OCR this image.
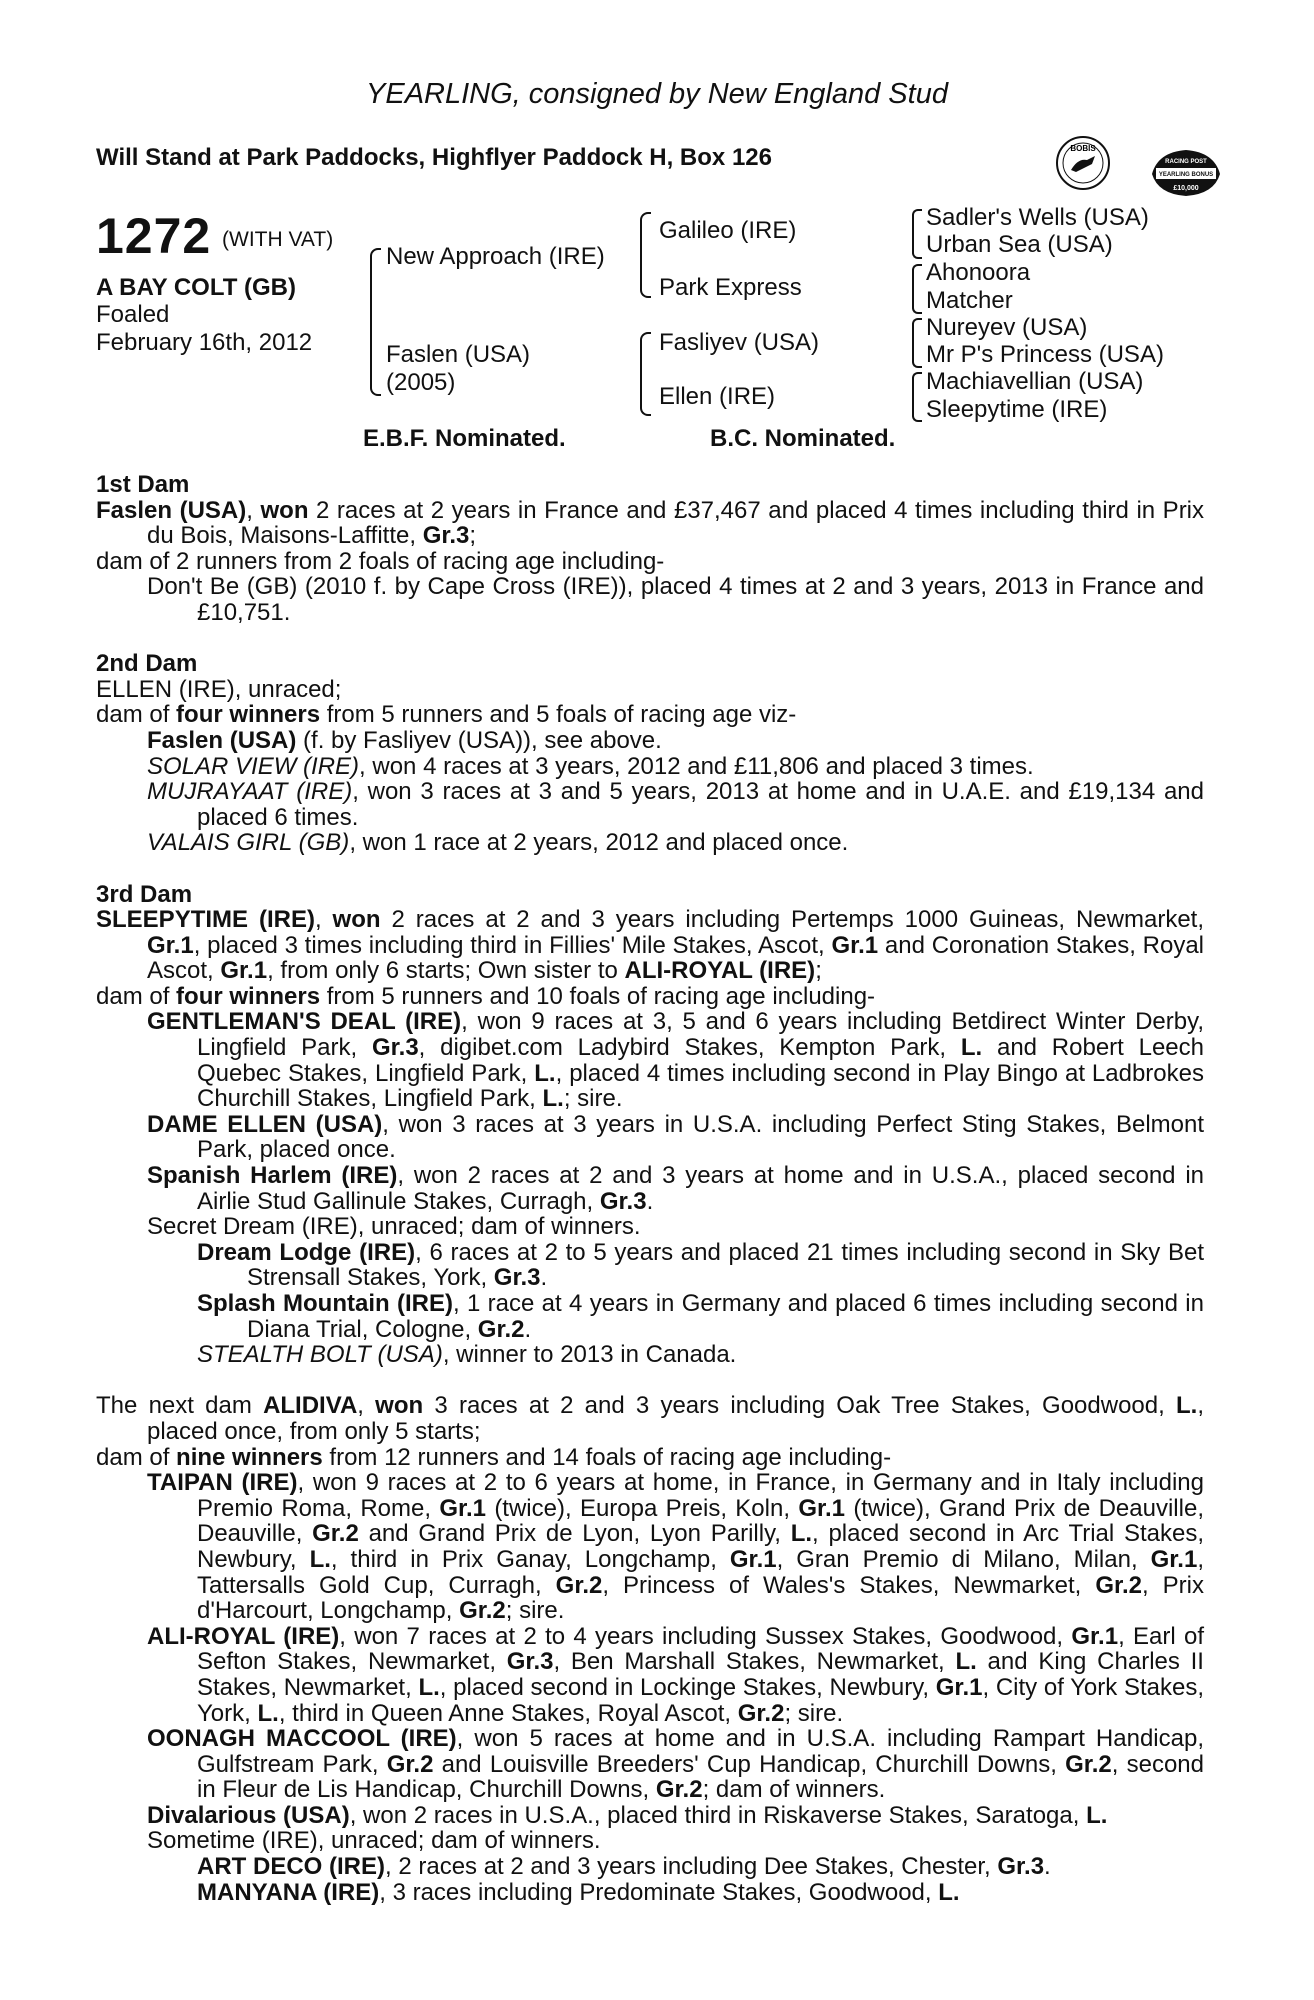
YEARLING, consigned by New England Stud
Will Stand at Park Paddocks, Highflyer Paddock H, Box 126	BOBIS
RACING POST
YEARLING BONUS
£10,000
1272 (WITH VAT)
A BAY COLT (GB)
Foaled
February 16th, 2012
New Approach (IRE)
Faslen (USA)
(2005)
Galileo (IRE)
Park Express
Fasliyev (USA)
Ellen (IRE)
Sadler's Wells (USA)
Urban Sea (USA)
Ahonoora
Matcher
Nureyev (USA)
Mr P's Princess (USA)
Machiavellian (USA)
Sleepytime (IRE)
E.B.F. Nominated.	B.C. Nominated.
1st Dam
Faslen (USA), won 2 races at 2 years in France and £37,467 and placed 4 times including third in Prix du Bois, Maisons-Laffitte, Gr.3;
dam of 2 runners from 2 foals of racing age including-
Don't Be (GB) (2010 f. by Cape Cross (IRE)), placed 4 times at 2 and 3 years, 2013 in France and £10,751.
2nd Dam
ELLEN (IRE), unraced;
dam of four winners from 5 runners and 5 foals of racing age viz-
Faslen (USA) (f. by Fasliyev (USA)), see above.
SOLAR VIEW (IRE), won 4 races at 3 years, 2012 and £11,806 and placed 3 times.
MUJRAYAAT (IRE), won 3 races at 3 and 5 years, 2013 at home and in U.A.E. and £19,134 and placed 6 times.
VALAIS GIRL (GB), won 1 race at 2 years, 2012 and placed once.
3rd Dam
SLEEPYTIME (IRE), won 2 races at 2 and 3 years including Pertemps 1000 Guineas, Newmarket, Gr.1, placed 3 times including third in Fillies' Mile Stakes, Ascot, Gr.1 and Coronation Stakes, Royal Ascot, Gr.1, from only 6 starts; Own sister to ALI-ROYAL (IRE);
dam of four winners from 5 runners and 10 foals of racing age including-
GENTLEMAN'S DEAL (IRE), won 9 races at 3, 5 and 6 years including Betdirect Winter Derby, Lingfield Park, Gr.3, digibet.com Ladybird Stakes, Kempton Park, L. and Robert Leech Quebec Stakes, Lingfield Park, L., placed 4 times including second in Play Bingo at Ladbrokes Churchill Stakes, Lingfield Park, L.; sire.
DAME ELLEN (USA), won 3 races at 3 years in U.S.A. including Perfect Sting Stakes, Belmont Park, placed once.
Spanish Harlem (IRE), won 2 races at 2 and 3 years at home and in U.S.A., placed second in Airlie Stud Gallinule Stakes, Curragh, Gr.3.
Secret Dream (IRE), unraced; dam of winners.
Dream Lodge (IRE), 6 races at 2 to 5 years and placed 21 times including second in Sky Bet Strensall Stakes, York, Gr.3.
Splash Mountain (IRE), 1 race at 4 years in Germany and placed 6 times including second in Diana Trial, Cologne, Gr.2.
STEALTH BOLT (USA), winner to 2013 in Canada.
The next dam ALIDIVA, won 3 races at 2 and 3 years including Oak Tree Stakes, Goodwood, L., placed once, from only 5 starts;
dam of nine winners from 12 runners and 14 foals of racing age including-
TAIPAN (IRE), won 9 races at 2 to 6 years at home, in France, in Germany and in Italy including Premio Roma, Rome, Gr.1 (twice), Europa Preis, Koln, Gr.1 (twice), Grand Prix de Deauville, Deauville, Gr.2 and Grand Prix de Lyon, Lyon Parilly, L., placed second in Arc Trial Stakes, Newbury, L., third in Prix Ganay, Longchamp, Gr.1, Gran Premio di Milano, Milan, Gr.1, Tattersalls Gold Cup, Curragh, Gr.2, Princess of Wales's Stakes, Newmarket, Gr.2, Prix d'Harcourt, Longchamp, Gr.2; sire.
ALI-ROYAL (IRE), won 7 races at 2 to 4 years including Sussex Stakes, Goodwood, Gr.1, Earl of Sefton Stakes, Newmarket, Gr.3, Ben Marshall Stakes, Newmarket, L. and King Charles II Stakes, Newmarket, L., placed second in Lockinge Stakes, Newbury, Gr.1, City of York Stakes, York, L., third in Queen Anne Stakes, Royal Ascot, Gr.2; sire.
OONAGH MACCOOL (IRE), won 5 races at home and in U.S.A. including Rampart Handicap, Gulfstream Park, Gr.2 and Louisville Breeders' Cup Handicap, Churchill Downs, Gr.2, second in Fleur de Lis Handicap, Churchill Downs, Gr.2; dam of winners.
Divalarious (USA), won 2 races in U.S.A., placed third in Riskaverse Stakes, Saratoga, L.
Sometime (IRE), unraced; dam of winners.
ART DECO (IRE), 2 races at 2 and 3 years including Dee Stakes, Chester, Gr.3.
MANYANA (IRE), 3 races including Predominate Stakes, Goodwood, L.
